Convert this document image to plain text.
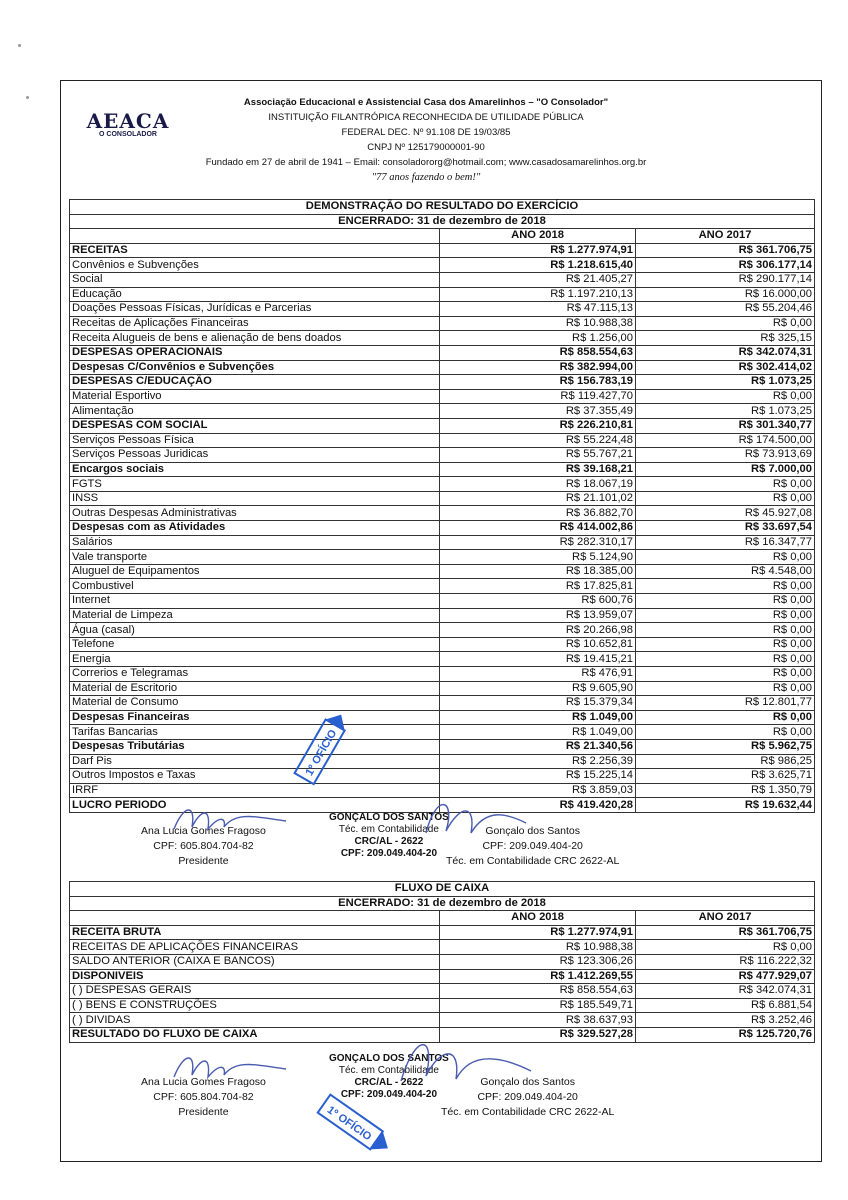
AEACA
O CONSOLADOR
Associação Educacional e Assistencial Casa dos Amarelinhos – "O Consolador"
INSTITUIÇÃO FILANTRÓPICA RECONHECIDA DE UTILIDADE PÚBLICA
FEDERAL DEC. Nº 91.108 DE 19/03/85
CNPJ Nº 125179000001-90
Fundado em 27 de abril de 1941 – Email: consoladororg@hotmail.com; www.casadosamarelinhos.org.br
"77 anos fazendo o bem!"
DEMONSTRAÇÃO DO RESULTADO DO EXERCÍCIO		
ENCERRADO: 31 de dezembro de 2018		
	ANO 2018	ANO 2017
RECEITAS	R$ 1.277.974,91	R$ 361.706,75
Convênios e Subvenções	R$ 1.218.615,40	R$ 306.177,14
Social	R$ 21.405,27	R$ 290.177,14
Educação	R$ 1.197.210,13	R$ 16.000,00
Doações Pessoas Físicas, Jurídicas e Parcerias	R$ 47.115,13	R$ 55.204,46
Receitas de Aplicações Financeiras	R$ 10.988,38	R$ 0,00
Receita Alugueis de bens e alienação de bens doados	R$ 1.256,00	R$ 325,15
DESPESAS OPERACIONAIS	R$ 858.554,63	R$ 342.074,31
Despesas C/Convênios e Subvenções	R$ 382.994,00	R$ 302.414,02
DESPESAS C/EDUCAÇÃO	R$ 156.783,19	R$ 1.073,25
Material Esportivo	R$ 119.427,70	R$ 0,00
Alimentação	R$ 37.355,49	R$ 1.073,25
DESPESAS COM SOCIAL	R$ 226.210,81	R$ 301.340,77
Serviços Pessoas Física	R$ 55.224,48	R$ 174.500,00
Serviços Pessoas Juridicas	R$ 55.767,21	R$ 73.913,69
Encargos sociais	R$ 39.168,21	R$ 7.000,00
FGTS	R$ 18.067,19	R$ 0,00
INSS	R$ 21.101,02	R$ 0,00
Outras Despesas Administrativas	R$ 36.882,70	R$ 45.927,08
Despesas com as Atividades	R$ 414.002,86	R$ 33.697,54
Salários	R$ 282.310,17	R$ 16.347,77
Vale transporte	R$ 5.124,90	R$ 0,00
Aluguel de Equipamentos	R$ 18.385,00	R$ 4.548,00
Combustivel	R$ 17.825,81	R$ 0,00
Internet	R$ 600,76	R$ 0,00
Material de Limpeza	R$ 13.959,07	R$ 0,00
Água (casal)	R$ 20.266,98	R$ 0,00
Telefone	R$ 10.652,81	R$ 0,00
Energia	R$ 19.415,21	R$ 0,00
Correrios e Telegramas	R$ 476,91	R$ 0,00
Material de Escritorio	R$ 9.605,90	R$ 0,00
Material de Consumo	R$ 15.379,34	R$ 12.801,77
Despesas Financeiras	R$ 1.049,00	R$ 0,00
Tarifas Bancarias	R$ 1.049,00	R$ 0,00
Despesas Tributárias	R$ 21.340,56	R$ 5.962,75
Darf Pis	R$ 2.256,39	R$ 986,25
Outros Impostos e Taxas	R$ 15.225,14	R$ 3.625,71
IRRF	R$ 3.859,03	R$ 1.350,79
LUCRO PERIODO	R$ 419.420,28	R$ 19.632,44
Ana Lucia Gomes Fragoso
CPF: 605.804.704-82
Presidente
GONÇALO DOS SANTOS
Téc. em Contabilidade
CRC/AL - 2622
CPF: 209.049.404-20
Gonçalo dos Santos
CPF: 209.049.404-20
Téc. em Contabilidade CRC 2622-AL
FLUXO DE CAIXA		
ENCERRADO: 31 de dezembro de 2018		
	ANO 2018	ANO 2017
RECEITA BRUTA	R$ 1.277.974,91	R$ 361.706,75
RECEITAS DE APLICAÇÕES FINANCEIRAS	R$ 10.988,38	R$ 0,00
SALDO ANTERIOR (CAIXA E BANCOS)	R$ 123.306,26	R$ 116.222,32
DISPONIVEIS	R$ 1.412.269,55	R$ 477.929,07
( ) DESPESAS GERAIS	R$ 858.554,63	R$ 342.074,31
( ) BENS E CONSTRUÇÕES	R$ 185.549,71	R$ 6.881,54
( ) DIVIDAS	R$ 38.637,93	R$ 3.252,46
RESULTADO DO FLUXO DE CAIXA	R$ 329.527,28	R$ 125.720,76
Ana Lucia Gomes Fragoso
CPF: 605.804.704-82
Presidente
GONÇALO DOS SANTOS
Téc. em Contabilidade
CRC/AL - 2622
CPF: 209.049.404-20
Gonçalo dos Santos
CPF: 209.049.404-20
Téc. em Contabilidade CRC 2622-AL
1º OFÍCIO
1º OFÍCIO
